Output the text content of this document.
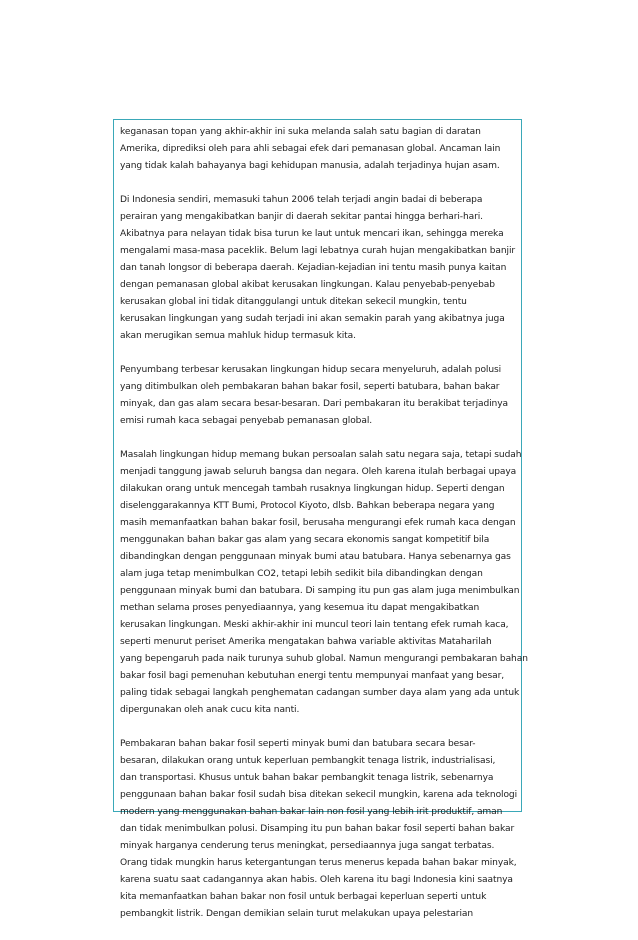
keganasan topan yang akhir-akhir ini suka melanda salah satu bagian di daratan
Amerika, diprediksi oleh para ahli sebagai efek dari pemanasan global. Ancaman lain
yang tidak kalah bahayanya bagi kehidupan manusia, adalah terjadinya hujan asam.
Di Indonesia sendiri, memasuki tahun 2006 telah terjadi angin badai di beberapa
perairan yang mengakibatkan banjir di daerah sekitar pantai hingga berhari-hari.
Akibatnya para nelayan tidak bisa turun ke laut untuk mencari ikan, sehingga mereka
mengalami masa-masa paceklik. Belum lagi lebatnya curah hujan mengakibatkan banjir
dan tanah longsor di beberapa daerah. Kejadian-kejadian ini tentu masih punya kaitan
dengan pemanasan global akibat kerusakan lingkungan. Kalau penyebab-penyebab
kerusakan global ini tidak ditanggulangi untuk ditekan sekecil mungkin, tentu
kerusakan lingkungan yang sudah terjadi ini akan semakin parah yang akibatnya juga
akan merugikan semua mahluk hidup termasuk kita.
Penyumbang terbesar kerusakan lingkungan hidup secara menyeluruh, adalah polusi
yang ditimbulkan oleh pembakaran bahan bakar fosil, seperti batubara, bahan bakar
minyak, dan gas alam secara besar-besaran. Dari pembakaran itu berakibat terjadinya
emisi rumah kaca sebagai penyebab pemanasan global.
Masalah lingkungan hidup memang bukan persoalan salah satu negara saja, tetapi sudah
menjadi tanggung jawab seluruh bangsa dan negara. Oleh karena itulah berbagai upaya
dilakukan orang untuk mencegah tambah rusaknya lingkungan hidup. Seperti dengan
diselenggarakannya KTT Bumi, Protocol Kiyoto, dlsb. Bahkan beberapa negara yang
masih memanfaatkan bahan bakar fosil, berusaha mengurangi efek rumah kaca dengan
menggunakan bahan bakar gas alam yang secara ekonomis sangat kompetitif bila
dibandingkan dengan penggunaan minyak bumi atau batubara. Hanya sebenarnya gas
alam juga tetap menimbulkan CO2, tetapi lebih sedikit bila dibandingkan dengan
penggunaan minyak bumi dan batubara. Di samping itu pun gas alam juga menimbulkan
methan selama proses penyediaannya, yang kesemua itu dapat mengakibatkan
kerusakan lingkungan. Meski akhir-akhir ini muncul teori lain tentang efek rumah kaca,
seperti menurut periset Amerika mengatakan bahwa variable aktivitas Mataharilah
yang bepengaruh pada naik turunya suhub global. Namun mengurangi pembakaran bahan
bakar fosil bagi pemenuhan kebutuhan energi tentu mempunyai manfaat yang besar,
paling tidak sebagai langkah penghematan cadangan sumber daya alam yang ada untuk
dipergunakan oleh anak cucu kita nanti.
Pembakaran bahan bakar fosil seperti minyak bumi dan batubara secara besar-
besaran, dilakukan orang untuk keperluan pembangkit tenaga listrik, industrialisasi,
dan transportasi. Khusus untuk bahan bakar pembangkit tenaga listrik, sebenarnya
penggunaan bahan bakar fosil sudah bisa ditekan sekecil mungkin, karena ada teknologi
modern yang menggunakan bahan bakar lain non fosil yang lebih irit produktif, aman
dan tidak menimbulkan polusi. Disamping itu pun bahan bakar fosil seperti bahan bakar
minyak harganya cenderung terus meningkat, persediaannya juga sangat terbatas.
Orang tidak mungkin harus ketergantungan terus menerus kepada bahan bakar minyak,
karena suatu saat cadangannya akan habis. Oleh karena itu bagi Indonesia kini saatnya
kita memanfaatkan bahan bakar non fosil untuk berbagai keperluan seperti untuk
pembangkit listrik. Dengan demikian selain turut melakukan upaya pelestarian
